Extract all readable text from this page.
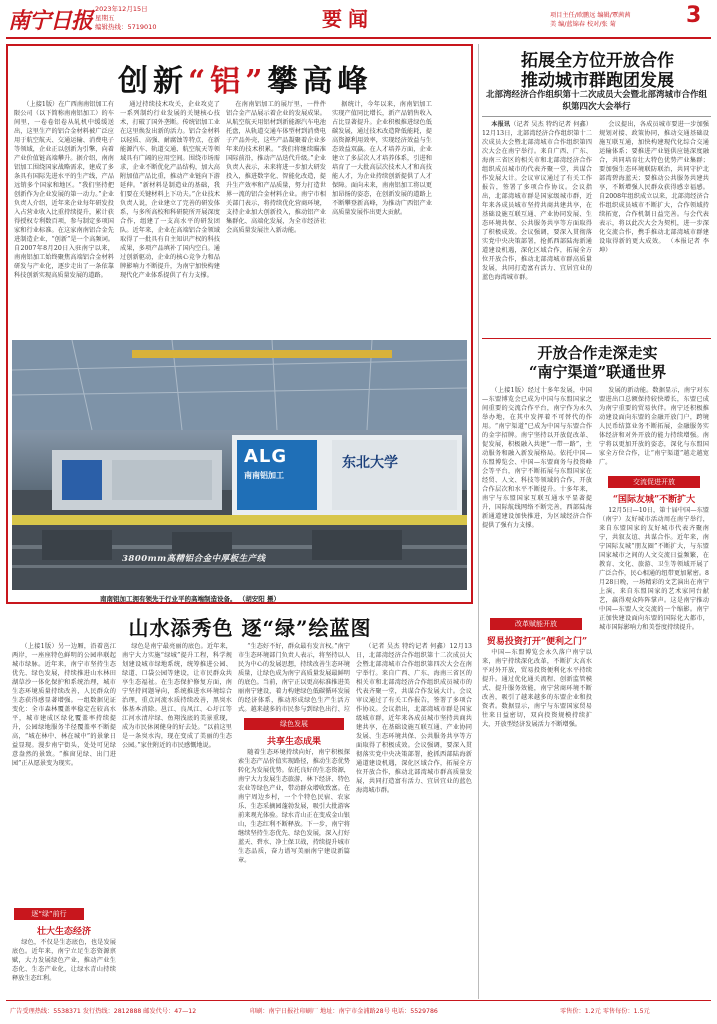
南宁日报 2023年12月15日
星期五
编辑热线：5719010	要闻	项目主任/欧鹏远 编辑/覃茜茜
美 编/蓝锦春 校对/张 菊	3
创新“铝”攀高峰

（上接1版）在广西南南铝加工有限公司（以下简称南南铝加工）的车间里，一卷卷铝卷从轧机中缓缓送出，这里生产的铝合金材料被广泛应用于航空航天、交通运输、消费电子等领域，企业正以创新为引擎，向着产业价值链高端攀升。据介绍，南南铝加工围绕国家战略需求，建成了多条具有国际先进水平的生产线，产品远销多个国家和地区。“我们坚持把创新作为企业发展的第一动力。”企业负责人介绍，近年来企业每年研发投入占营业收入比重持续提升，累计获得授权专利数百项，参与制定多项国家和行业标准。在这家南南铝合金先进制造企业，“创新”是一个高频词。自2007年8月20日入驻南宁以来，南南铝加工始终聚焦高端铝合金材料研发与产业化，逐步走出了一条依靠科技创新实现高质量发展的道路。

通过持续技术攻关，企业攻克了一系列制约行业发展的关键核心技术，打破了国外垄断。传统铝加工业在这里焕发出新的活力。铝合金材料以轻质、高强、耐腐蚀等特点，在新能源汽车、轨道交通、航空航天等领域具有广阔的应用空间。围绕市场需求，企业不断优化产品结构，加大高附加值产品比重，推动产业链向下游延伸。“新材料是制造业的基础，我们要在关键材料上下功夫。”企业技术负责人说，企业建立了完善的研发体系，与多所高校和科研院所开展深度合作，组建了一支高水平的研发团队。近年来，企业在高端铝合金领域取得了一批具有自主知识产权的科技成果，多项产品填补了国内空白。通过创新驱动，企业的核心竞争力和品牌影响力不断提升，为南宁加快构建现代化产业体系提供了有力支撑。

在南南铝加工的展厅里，一件件铝合金产品展示着企业的发展成果。从航空航天用铝材到新能源汽车电池托盘，从轨道交通车体型材到消费电子产品外壳，这些产品凝聚着企业多年来的技术积累。“我们将继续瞄准国际前沿，推动产品迭代升级。”企业负责人表示，未来将进一步加大研发投入，推进数字化、智能化改造，提升生产效率和产品质量，努力打造世界一流的铝合金材料企业。南宁市相关部门表示，将持续优化营商环境，支持企业加大创新投入，推动铝产业集群化、高端化发展，为全市经济社会高质量发展注入新动能。

据统计，今年以来，南南铝加工实现产值同比增长，新产品销售收入占比显著提升。企业积极推进绿色低碳发展，通过技术改造降低能耗，提高资源利用效率，实现经济效益与生态效益双赢。在人才培养方面，企业建立了多层次人才培养体系，引进和培育了一大批高层次技术人才和高技能人才，为企业持续创新提供了人才保障。面向未来，南南铝加工将以更加昂扬的姿态，在创新发展的道路上不断攀登新高峰，为推动广西铝产业高质量发展作出更大贡献。

ALG
南南铝加工
东北大学
3800mm高精铝合金中厚板生产线
南南铝加工拥有领先于行业平的高端制造设备。 （胡安阳 摄）
拓展全方位开放合作
推动城市群跑团发展
北部湾经济合作组织第十二次成员大会暨北部湾城市合作组织第四次大会举行

本报讯（记者 吴杰 特约记者 何鑫）12月13日，北部湾经济合作组织第十二次成员大会暨北部湾城市合作组织第四次大会在南宁举行。来自广西、广东、海南三省区的相关市和北部湾经济合作组织成员城市的代表齐聚一堂，共谋合作发展大计。会议审议通过了有关工作报告，签署了多项合作协议。会议指出，北部湾城市群是国家级城市群，近年来各成员城市坚持共商共建共享，在基础设施互联互通、产业协同发展、生态环境共保、公共服务共享等方面取得了积极成效。会议强调，要深入贯彻落实党中央决策部署，抢抓西部陆海新通道建设机遇，深化区域合作，拓展全方位开放合作，推动北部湾城市群高质量发展，共同打造富有活力、宜居宜业的蓝色海湾城市群。

会议提出，各成员城市要进一步加强规划对接、政策协同，推动交通基础设施互联互通，加快构建现代化综合交通运输体系；要推进产业链供应链深度融合，共同培育壮大特色优势产业集群；要加强生态环境联防联治，共同守护北部湾碧海蓝天；要推动公共服务共建共享，不断增强人民群众获得感幸福感。自2008年组织成立以来，北部湾经济合作组织成员城市不断扩大，合作领域持续拓宽，合作机制日益完善。与会代表表示，将以此次大会为契机，进一步深化交流合作，携手推动北部湾城市群建设取得新的更大成效。 （本报记者 李坤）

开放合作走深走实
“南宁渠道”联通世界

（上接1版）经过十多年发展，中国—东盟博览会已成为中国与东盟国家之间重要的交流合作平台，南宁作为永久举办地，在其中发挥着不可替代的作用。“南宁渠道”已成为中国与东盟合作的金字招牌。南宁坚持以开放促改革、促发展，积极融入共建“一带一路”，主动服务和融入新发展格局。依托中国—东盟博览会、中国—东盟商务与投资峰会等平台，南宁不断拓展与东盟国家在经贸、人文、科技等领域的合作，开放合作层次和水平不断提升。十多年来，南宁与东盟国家互联互通水平显著提升，国际航线网络不断完善，西部陆海新通道建设加快推进，为区域经济合作提供了强有力支撑。

发展的新动能。数据显示，南宁对东盟进出口总额保持较快增长，东盟已成为南宁重要的贸易伙伴。南宁还积极推动建设面向东盟的金融开放门户，跨境人民币结算业务不断拓展，金融服务实体经济和对外开放的能力持续增强。南宁将以更加开放的姿态，深化与东盟国家全方位合作，让“南宁渠道”越走越宽广。

交流促进开放
“国际友城”不断扩大

12月5日—10日，第十届中国—东盟（南宁）友好城市活动周在南宁举行，来自东盟国家的友好城市代表齐聚南宁，共叙友谊、共谋合作。近年来，南宁国际友城“朋友圈”不断扩大，与东盟国家城市之间的人文交流日益频繁，在教育、文化、旅游、卫生等领域开展了广泛合作，民心相通的纽带更加紧密。8月28日晚，一场精彩的文艺演出在南宁上演，来自东盟国家的艺术家同台献艺，赢得观众阵阵掌声。这是南宁推动中国—东盟人文交流的一个缩影。南宁正加快建设面向东盟的国际化大都市，城市国际影响力和美誉度持续提升。

改革赋能开放
贸易投资打开“便利之门”

中国—东盟博览会永久落户南宁以来，南宁持续深化改革，不断扩大高水平对外开放，贸易投资便利化水平持续提升。通过优化通关流程、创新监管模式、提升服务效能，南宁营商环境不断改善，吸引了越来越多的东盟企业和投资者。数据显示，南宁与东盟国家贸易往来日益密切，双向投资规模持续扩大，开放型经济发展活力不断增强。

山水添秀色 逐“绿”绘蓝图

（上接1版）另一边厢，沿着邕江两岸，一座座特色鲜明的公园串联起城市绿脉。近年来，南宁市坚持生态优先、绿色发展，持续推进山水林田湖草沙一体化保护和系统治理，城市生态环境质量持续改善，人民群众的生态获得感显著增强。一组数据见证变化：全市森林覆盖率稳定在较高水平，城市建成区绿化覆盖率持续提升，公园绿地服务半径覆盖率不断提高，“城在林中、林在城中”的景象日益显现。漫步南宁街头，处处可见绿意盎然的景致。“推窗见绿、出门进园”正从愿景变为现实。

绿色是南宁最亮丽的底色。近年来，南宁大力实施“绿城”提升工程，科学规划建设城市绿地系统，统筹推进公园、绿道、口袋公园等建设，让市民群众共享生态福祉。在生态保护修复方面，南宁坚持问题导向，系统推进水环境综合治理，重点河流水质持续改善，黑臭水体基本消除。邕江、良凤江、心圩江等江河水清岸绿、鱼翔浅底的美景重现，成为市民休闲健身的好去处。“以前这里是一条臭水沟，现在变成了美丽的生态公园。”家住附近的市民感慨地说。

绿色发展
共享生态成果

“生态好不好，群众最有发言权。”南宁市生态环境部门负责人表示，将坚持以人民为中心的发展思想，持续改善生态环境质量，让绿色成为南宁高质量发展最鲜明的底色。当前，南宁正以更高标准推进美丽南宁建设，着力构建绿色低碳循环发展的经济体系，推动形成绿色生产生活方式。越来越多的市民参与到绿色出行、垃

随着生态环境持续向好，南宁积极探索生态产品价值实现路径，推动生态优势转化为发展优势。依托良好的生态资源，南宁大力发展生态旅游、林下经济、特色农业等绿色产业，带动群众增收致富。在南宁周边乡村，一个个特色民宿、农家乐、生态采摘园蓬勃发展，吸引大批游客前来观光体验。绿水青山正在变成金山银山，生态红利不断释放。下一步，南宁将继续坚持生态优先、绿色发展，深入打好蓝天、碧水、净土保卫战，持续提升城市生态品质，奋力谱写美丽南宁建设新篇章。

（记者 吴杰 特约记者 何鑫）12月13日，北部湾经济合作组织第十二次成员大会暨北部湾城市合作组织第四次大会在南宁举行。来自广西、广东、海南三省区的相关市和北部湾经济合作组织成员城市的代表齐聚一堂，共谋合作发展大计。会议审议通过了有关工作报告，签署了多项合作协议。会议指出，北部湾城市群是国家级城市群，近年来各成员城市坚持共商共建共享，在基础设施互联互通、产业协同发展、生态环境共保、公共服务共享等方面取得了积极成效。会议强调，要深入贯彻落实党中央决策部署，抢抓西部陆海新通道建设机遇，深化区域合作，拓展全方位开放合作，推动北部湾城市群高质量发展，共同打造富有活力、宜居宜业的蓝色海湾城市群。

逐“绿”前行
壮大生态经济

绿色，不仅是生态底色，也是发展底色。近年来，南宁立足生态资源禀赋，大力发展绿色产业，推动产业生态化、生态产业化，让绿水青山持续释放生态红利。

广告受理热线：5538371 发行热线：2812888 邮发代号：47—12	印刷：南宁日报社印刷厂 地址：南宁市金浦路28号 电话：5529786	零售价：1.2元 零售每份：1.5元
